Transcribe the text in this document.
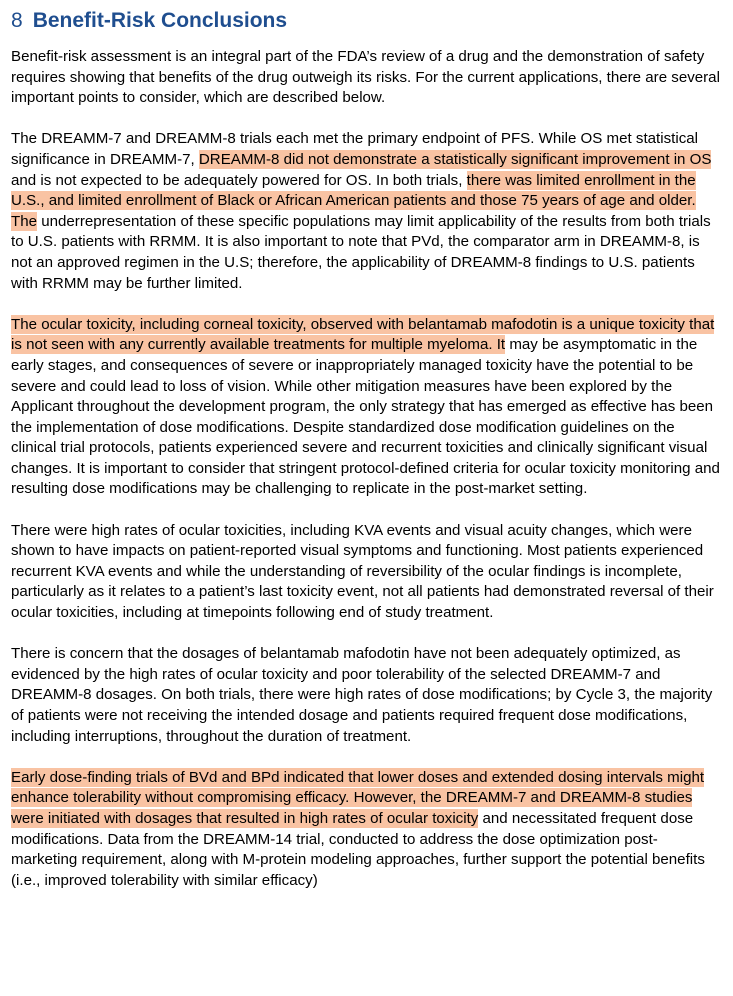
8 Benefit-Risk Conclusions

Benefit-risk assessment is an integral part of the FDA’s review of a drug and the demonstration of safety requires showing that benefits of the drug outweigh its risks. For the current applications, there are several important points to consider, which are described below.

The DREAMM-7 and DREAMM-8 trials each met the primary endpoint of PFS. While OS met statistical significance in DREAMM-7, DREAMM-8 did not demonstrate a statistically significant improvement in OS and is not expected to be adequately powered for OS. In both trials, there was limited enrollment in the U.S., and limited enrollment of Black or African American patients and those 75 years of age and older. The underrepresentation of these specific populations may limit applicability of the results from both trials to U.S. patients with RRMM. It is also important to note that PVd, the comparator arm in DREAMM-8, is not an approved regimen in the U.S; therefore, the applicability of DREAMM-8 findings to U.S. patients with RRMM may be further limited.

The ocular toxicity, including corneal toxicity, observed with belantamab mafodotin is a unique toxicity that is not seen with any currently available treatments for multiple myeloma. It may be asymptomatic in the early stages, and consequences of severe or inappropriately managed toxicity have the potential to be severe and could lead to loss of vision. While other mitigation measures have been explored by the Applicant throughout the development program, the only strategy that has emerged as effective has been the implementation of dose modifications. Despite standardized dose modification guidelines on the clinical trial protocols, patients experienced severe and recurrent toxicities and clinically significant visual changes. It is important to consider that stringent protocol-defined criteria for ocular toxicity monitoring and resulting dose modifications may be challenging to replicate in the post-market setting.

There were high rates of ocular toxicities, including KVA events and visual acuity changes, which were shown to have impacts on patient-reported visual symptoms and functioning. Most patients experienced recurrent KVA events and while the understanding of reversibility of the ocular findings is incomplete, particularly as it relates to a patient’s last toxicity event, not all patients had demonstrated reversal of their ocular toxicities, including at timepoints following end of study treatment.

There is concern that the dosages of belantamab mafodotin have not been adequately optimized, as evidenced by the high rates of ocular toxicity and poor tolerability of the selected DREAMM-7 and DREAMM-8 dosages. On both trials, there were high rates of dose modifications; by Cycle 3, the majority of patients were not receiving the intended dosage and patients required frequent dose modifications, including interruptions, throughout the duration of treatment.

Early dose-finding trials of BVd and BPd indicated that lower doses and extended dosing intervals might enhance tolerability without compromising efficacy. However, the DREAMM-7 and DREAMM-8 studies were initiated with dosages that resulted in high rates of ocular toxicity and necessitated frequent dose modifications. Data from the DREAMM-14 trial, conducted to address the dose optimization post-marketing requirement, along with M-protein modeling approaches, further support the potential benefits (i.e., improved tolerability with similar efficacy)
